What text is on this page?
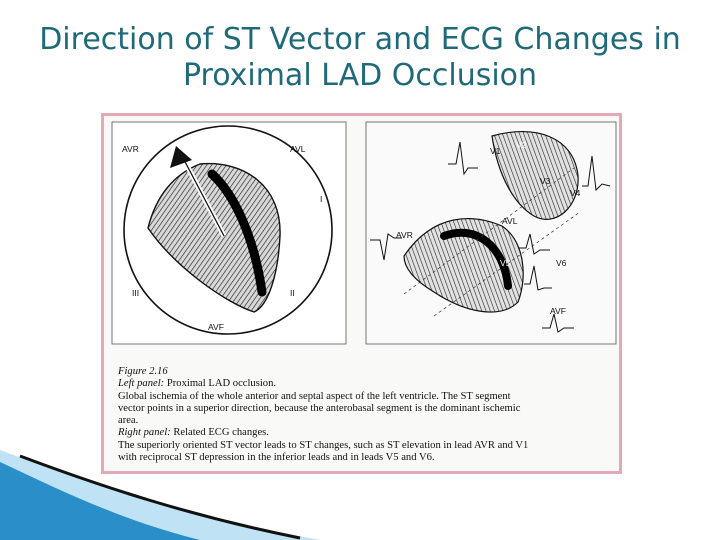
Direction of ST Vector and ECG Changes in
Proximal LAD Occlusion
AVR	AVL
I
II
III
AVF
V1
V2
V3
V4
AVL
AVR
V5	V6
AVF
Figure 2.16
Left panel: Proximal LAD occlusion.
Global ischemia of the whole anterior and septal aspect of the left ventricle. The ST segment
vector points in a superior direction, because the anterobasal segment is the dominant ischemic
area.
Right panel: Related ECG changes.
The superiorly oriented ST vector leads to ST changes, such as ST elevation in lead AVR and V1
with reciprocal ST depression in the inferior leads and in leads V5 and V6.
